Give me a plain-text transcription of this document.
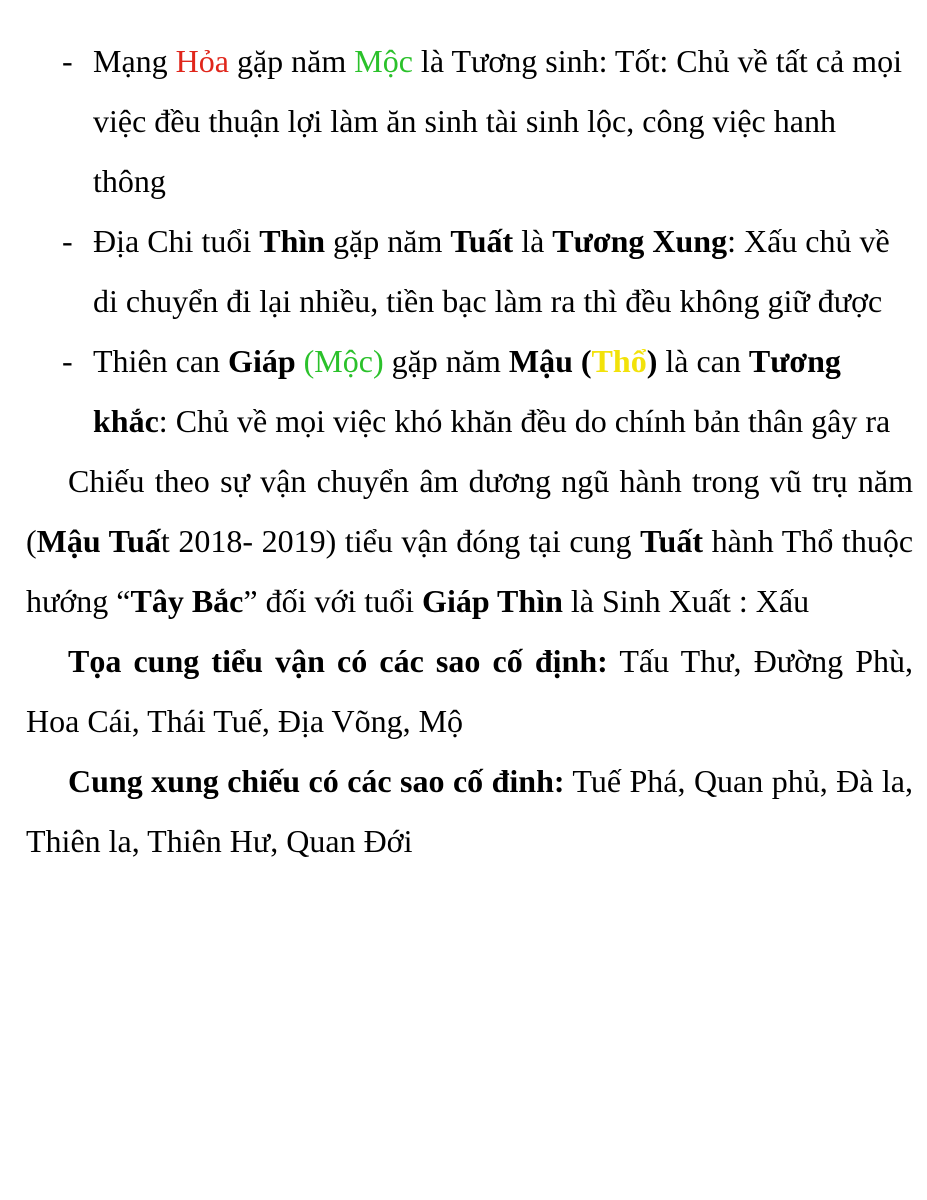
- Mạng Hỏa gặp năm Mộc là Tương sinh: Tốt: Chủ về tất cả mọi việc đều thuận lợi làm ăn sinh tài sinh lộc, công việc hanh thông
- Địa Chi tuổi Thìn gặp năm Tuất là Tương Xung: Xấu chủ về di chuyển đi lại nhiều, tiền bạc làm ra thì đều không giữ được
- Thiên can Giáp (Mộc) gặp năm Mậu (Thổ) là can Tương khắc: Chủ về mọi việc khó khăn đều do chính bản thân gây ra

Chiếu theo sự vận chuyển âm dương ngũ hành trong vũ trụ năm (Mậu Tuất 2018- 2019) tiểu vận đóng tại cung Tuất hành Thổ thuộc hướng “Tây Bắc” đối với tuổi Giáp Thìn là Sinh Xuất : Xấu

Tọa cung tiểu vận có các sao cố định: Tấu Thư, Đường Phù, Hoa Cái, Thái Tuế, Địa Võng, Mộ

Cung xung chiếu có các sao cố đinh: Tuế Phá, Quan phủ, Đà la, Thiên la, Thiên Hư, Quan Đới
